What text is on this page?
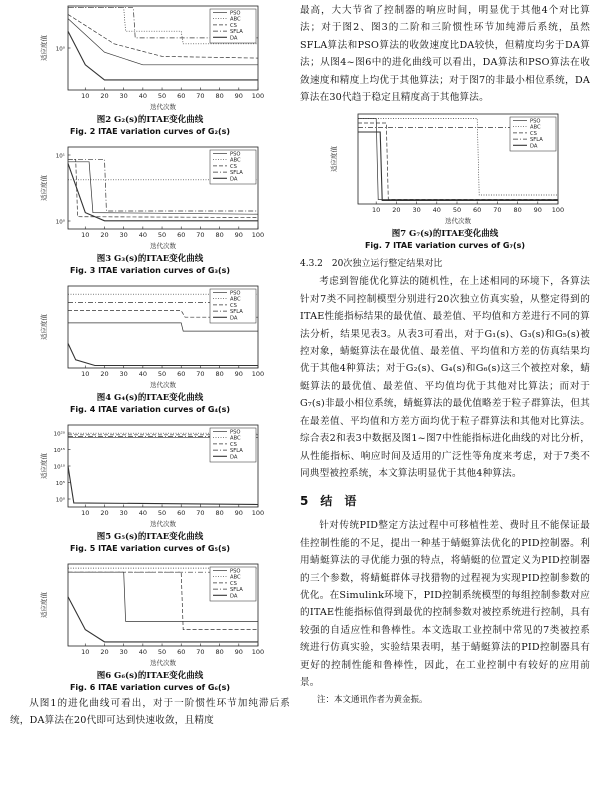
10 20 30 40 50 60 70 80 90 100
10⁰
迭代次数
适应度值
PSO
ABC
CS
SFLA
DA
图2 G₂(s)的ITAE变化曲线
Fig. 2 ITAE variation curves of G₂(s)
10 20 30 40 50 60 70 80 90 100
10¹
10⁰
迭代次数
适应度值
PSO
ABC
CS
SFLA
DA
图3 G₃(s)的ITAE变化曲线
Fig. 3 ITAE variation curves of G₃(s)
10 20 30 40 50 60 70 80 90 100
迭代次数
适应度值
PSO
ABC
CS
SFLA
DA
图4 G₄(s)的ITAE变化曲线
Fig. 4 ITAE variation curves of G₄(s)
10 20 30 40 50 60 70 80 90 100
10²⁰
10¹⁵
10¹⁰
10⁵
10⁰
迭代次数
适应度值
PSO
ABC
CS
SFLA
DA
图5 G₅(s)的ITAE变化曲线
Fig. 5 ITAE variation curves of G₅(s)
10 20 30 40 50 60 70 80 90 100
迭代次数
适应度值
PSO
ABC
CS
SFLA
DA
图6 G₆(s)的ITAE变化曲线
Fig. 6 ITAE variation curves of G₆(s)

从图1的进化曲线可看出，对于一阶惯性环节加纯滞后系统，DA算法在20代即可达到快速收敛，且精度

最高，大大节省了控制器的响应时间，明显优于其他4个对比算法；对于图2、图3的二阶和三阶惯性环节加纯滞后系统，虽然SFLA算法和PSO算法的收敛速度比DA较快，但精度均劣于DA算法；从图4~图6中的进化曲线可以看出，DA算法和PSO算法在收敛速度和精度上均优于其他算法；对于图7的非最小相位系统，DA算法在30代趋于稳定且精度高于其他算法。

10 20 30 40 50 60 70 80 90 100
迭代次数
适应度值
PSO
ABC
CS
SFLA
DA
图7 G₇(s)的ITAE变化曲线
Fig. 7 ITAE variation curves of G₇(s)
4.3.2　20次独立运行整定结果对比

考虑到智能优化算法的随机性，在上述相同的环境下，各算法针对7类不同控制模型分别进行20次独立仿真实验，从整定得到的ITAE性能指标结果的最优值、最差值、平均值和方差进行不同的算法分析，结果见表3。从表3可看出，对于G₁(s)、G₃(s)和G₅(s)被控对象，蜻蜓算法在最优值、最差值、平均值和方差的仿真结果均优于其他4种算法；对于G₂(s)、G₄(s)和G₆(s)这三个被控对象，蜻蜓算法的最优值、最差值、平均值均优于其他对比算法；而对于G₇(s)非最小相位系统，蜻蜓算法的最优值略差于粒子群算法，但其在最差值、平均值和方差方面均优于粒子群算法和其他对比算法。综合表2和表3中数据及图1~图7中性能指标进化曲线的对比分析，从性能指标、响应时间及适用的广泛性等角度来考虑，对于7类不同典型被控系统，本文算法明显优于其他4种算法。

5　结　语

针对传统PID整定方法过程中可移植性差、费时且不能保证最佳控制性能的不足，提出一种基于蜻蜓算法优化的PID控制器。利用蜻蜓算法的寻优能力强的特点，将蜻蜓的位置定义为PID控制器的三个参数，将蜻蜓群体寻找猎物的过程视为实现PID控制参数的优化。在Simulink环境下，PID控制系统模型的每组控制参数对应的ITAE性能指标值得到最优的控制参数对被控系统进行控制，具有较强的自适应性和鲁棒性。本文选取工业控制中常见的7类被控系统进行仿真实验，实验结果表明，基于蜻蜓算法的PID控制器具有更好的控制性能和鲁棒性，因此，在工业控制中有较好的应用前景。

注：本文通讯作者为黄金振。
